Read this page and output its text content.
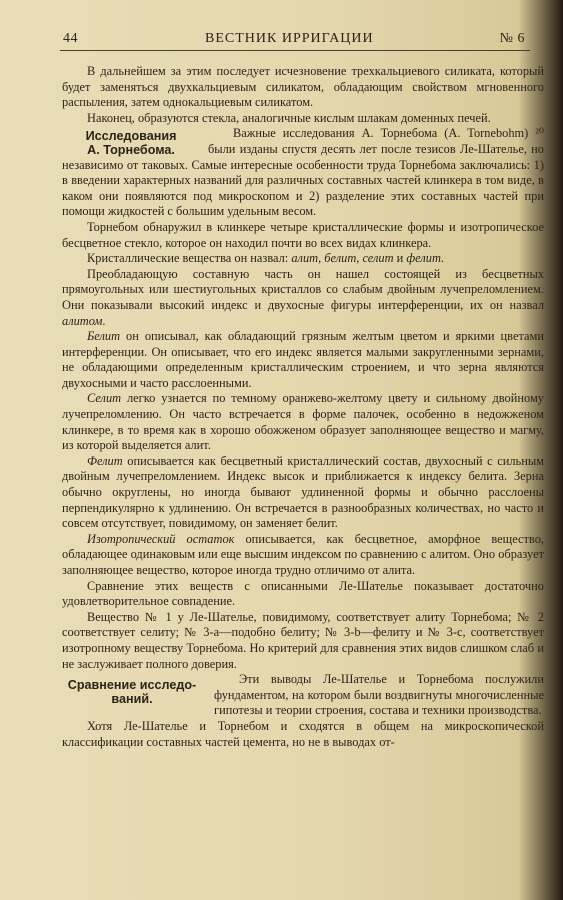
44	ВЕСТНИК ИРРИГАЦИИ	№ 6

В дальнейшем за этим последует исчезновение трехкальциевого силиката, который будет заменяться двухкальциевым силикатом, обладающим свойством мгновенного распыления, затем однокальциевым силикатом.

Наконец, образуются стекла, аналогичные кислым шлакам доменных печей.

Исследования
А. Торнебома.

Важные исследования А. Торнебома (A. Tornebohm) ²⁰ были изданы спустя десять лет после тезисов Ле-Шателье, но независимо от таковых. Самые интересные особенности труда Торнебома заключались: 1) в введении характерных названий для различных составных частей клинкера в том виде, в каком они появляются под микроскопом и 2) разделение этих составных частей при помощи жидкостей с большим удельным весом.

Торнебом обнаружил в клинкере четыре кристаллические формы и изотропическое бесцветное стекло, которое он находил почти во всех видах клинкера.

Кристаллические вещества он назвал: алит, белит, селит и фелит.

Преобладающую составную часть он нашел состоящей из бесцветных прямоугольных или шестиугольных кристаллов со слабым двойным лучепреломлением. Они показывали высокий индекс и двухосные фигуры интерференции, их он назвал алитом.

Белит он описывал, как обладающий грязным желтым цветом и яркими цветами интерференции. Он описывает, что его индекс является малыми закругленными зернами, не обладающими определенным кристаллическим строением, и что зерна являются двухосными и часто расслоенными.

Селит легко узнается по темному оранжево-желтому цвету и сильному двойному лучепреломлению. Он часто встречается в форме палочек, особенно в недожженом клинкере, в то время как в хорошо обожженом образует заполняющее вещество и магму, из которой выделяется алит.

Фелит описывается как бесцветный кристаллический состав, двухосный с сильным двойным лучепреломлением. Индекс высок и приближается к индексу белита. Зерна обычно округлены, но иногда бывают удлиненной формы и обычно расслоены перпендикулярно к удлинению. Он встречается в разнообразных количествах, но часто и совсем отсутствует, повидимому, он заменяет белит.

Изотропический остаток описывается, как бесцветное, аморфное вещество, обладающее одинаковым или еще высшим индексом по сравнению с алитом. Оно образует заполняющее вещество, которое иногда трудно отличимо от алита.

Сравнение этих веществ с описанными Ле-Шателье показывает достаточно удовлетворительное совпадение.

Веществo № 1 у Ле-Шателье, повидимому, соответствует алиту Торнебома; № 2 соответствует селиту; № 3-а—подобно белиту; № 3-b—фелиту и № 3-с, соответствует изотропному веществу Торнебома. Но критерий для сравнения этих видов слишком слаб и не заслуживает полного доверия.

Сравнение исследо-
ваний.

Эти выводы Ле-Шателье и Торнебома послужили фундаментом, на котором были воздвигнуты многочисленные гипотезы и теории строения, состава и техники производства.

Хотя Ле-Шателье и Торнебом и сходятся в общем на микроскопической классификации составных частей цемента, но не в выводах от-
